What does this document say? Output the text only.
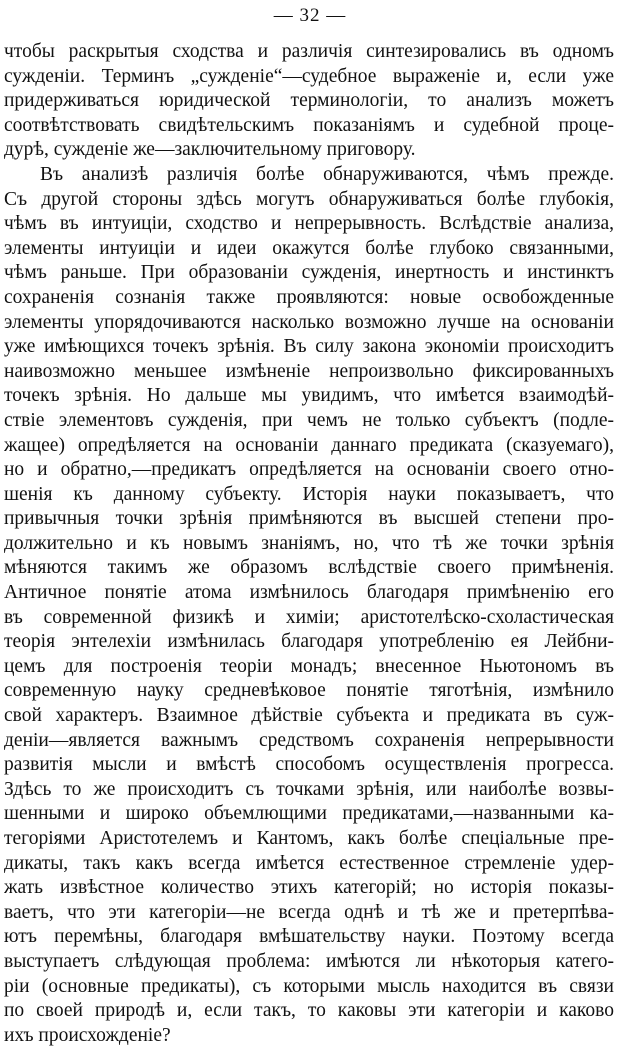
— 32 —
чтобы раскрытыя сходства и различія синтезировались въ одномъ
сужденіи. Терминъ „сужденіе“—судебное выраженіе и, если уже
придерживаться юридической терминологіи, то анализъ можетъ
соотвѣтствовать свидѣтельскимъ показаніямъ и судебной проце-
дурѣ, сужденіе же—заключительному приговору.
Въ анализѣ различія болѣе обнаруживаются, чѣмъ прежде.
Съ другой стороны здѣсь могутъ обнаруживаться болѣе глубокія,
чѣмъ въ интуиціи, сходство и непрерывность. Вслѣдствіе анализа,
элементы интуиціи и идеи окажутся болѣе глубоко связанными,
чѣмъ раньше. При образованіи сужденія, инертность и инстинктъ
сохраненія сознанія также проявляются: новые освобожденные
элементы упорядочиваются насколько возможно лучше на основаніи
уже имѣющихся точекъ зрѣнія. Въ силу закона экономіи происходитъ
наивозможно меньшее измѣненіе непроизвольно фиксированныхъ
точекъ зрѣнія. Но дальше мы увидимъ, что имѣется взаимодѣй-
ствіе элементовъ сужденія, при чемъ не только субъектъ (подле-
жащее) опредѣляется на основаніи даннаго предиката (сказуемаго),
но и обратно,—предикатъ опредѣляется на основаніи своего отно-
шенія къ данному субъекту. Исторія науки показываетъ, что
привычныя точки зрѣнія примѣняются въ высшей степени про-
должительно и къ новымъ знаніямъ, но, что тѣ же точки зрѣнія
мѣняются такимъ же образомъ вслѣдствіе своего примѣненія.
Античное понятіе атома измѣнилось благодаря примѣненію его
въ современной физикѣ и химіи; аристотелѣско-схоластическая
теорія энтелехіи измѣнилась благодаря употребленію ея Лейбни-
цемъ для построенія теоріи монадъ; внесенное Ньютономъ въ
современную науку средневѣковое понятіе тяготѣнія, измѣнило
свой характеръ. Взаимное дѣйствіе субъекта и предиката въ суж-
деніи—является важнымъ средствомъ сохраненія непрерывности
развитія мысли и вмѣстѣ способомъ осуществленія прогресса.
Здѣсь то же происходитъ съ точками зрѣнія, или наиболѣе возвы-
шенными и широко объемлющими предикатами,—названными ка-
тегоріями Аристотелемъ и Кантомъ, какъ болѣе спеціальные пре-
дикаты, такъ какъ всегда имѣется естественное стремленіе удер-
жать извѣстное количество этихъ категорій; но исторія показы-
ваетъ, что эти категоріи—не всегда однѣ и тѣ же и претерпѣва-
ютъ перемѣны, благодаря вмѣшательству науки. Поэтому всегда
выступаетъ слѣдующая проблема: имѣются ли нѣкоторыя катего-
ріи (основные предикаты), съ которыми мысль находится въ связи
по своей природѣ и, если такъ, то каковы эти категоріи и каково
ихъ происхожденіе?
